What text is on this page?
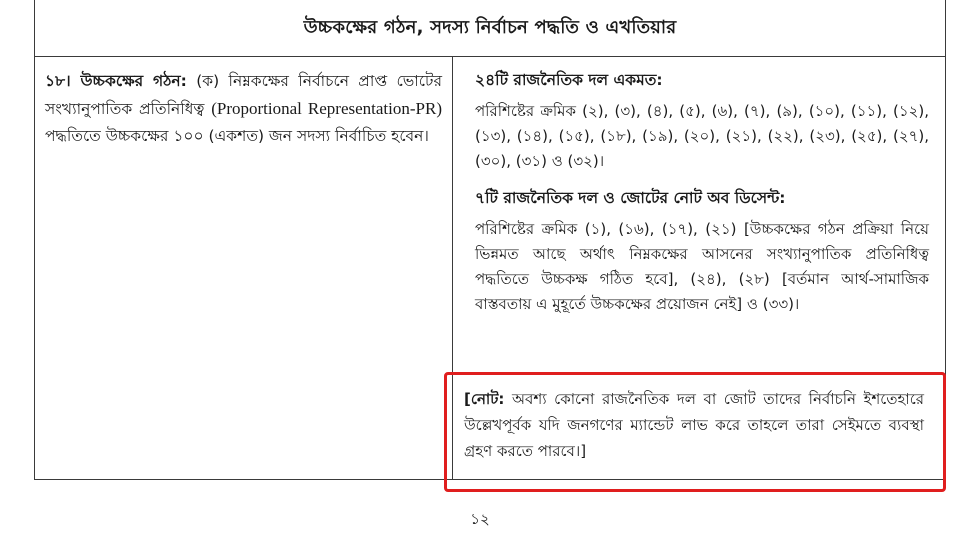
উচ্চকক্ষের গঠন, সদস্য নির্বাচন পদ্ধতি ও এখতিয়ার
১৮। উচ্চকক্ষের গঠন: (ক) নিম্নকক্ষের নির্বাচনে প্রাপ্ত ভোটের সংখ্যানুপাতিক প্রতিনিধিত্ব (Proportional Representation-PR) পদ্ধতিতে উচ্চকক্ষের ১০০ (একশত) জন সদস্য নির্বাচিত হবেন।
২৪টি রাজনৈতিক দল একমত:
পরিশিষ্টের ক্রমিক (২), (৩), (৪), (৫), (৬), (৭), (৯), (১০), (১১), (১২), (১৩), (১৪), (১৫), (১৮), (১৯), (২০), (২১), (২২), (২৩), (২৫), (২৭), (৩০), (৩১) ও (৩২)।
৭টি রাজনৈতিক দল ও জোটের নোট অব ডিসেন্ট:
পরিশিষ্টের ক্রমিক (১), (১৬), (১৭), (২১) [উচ্চকক্ষের গঠন প্রক্রিয়া নিয়ে ভিন্নমত আছে অর্থাৎ নিম্নকক্ষের আসনের সংখ্যানুপাতিক প্রতিনিধিত্ব পদ্ধতিতে উচ্চকক্ষ গঠিত হবে], (২৪), (২৮) [বর্তমান আর্থ-সামাজিক বাস্তবতায় এ মুহূর্তে উচ্চকক্ষের প্রয়োজন নেই] ও (৩৩)।
[নোট: অবশ্য কোনো রাজনৈতিক দল বা জোট তাদের নির্বাচনি ইশতেহারে উল্লেখপূর্বক যদি জনগণের ম্যান্ডেট লাভ করে তাহলে তারা সেইমতে ব্যবস্থা গ্রহণ করতে পারবে।]
১২
